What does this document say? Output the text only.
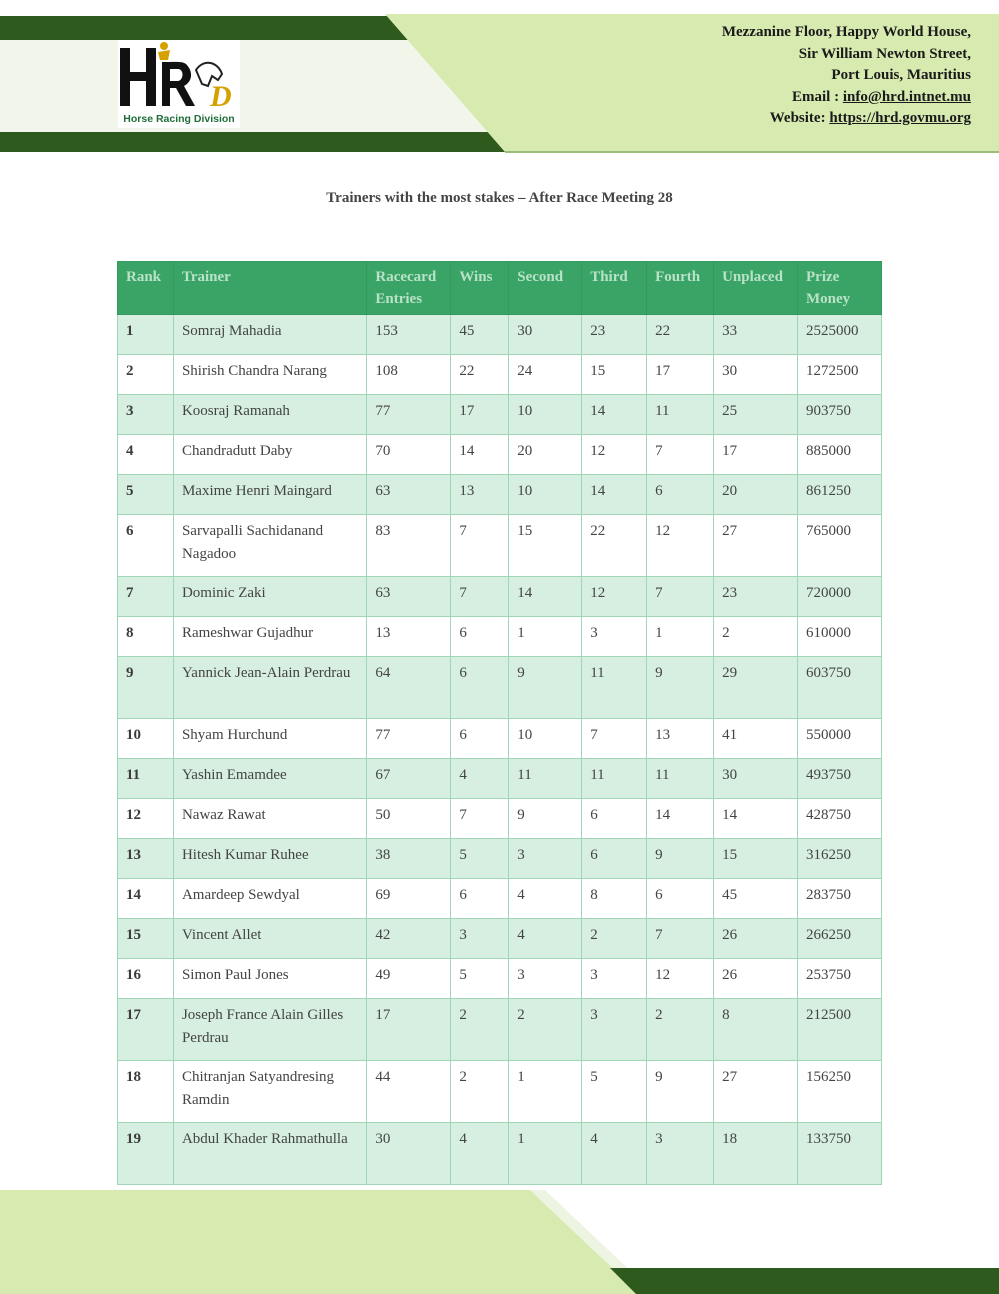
D
Horse Racing Division
Mezzanine Floor, Happy World House,
Sir William Newton Street,
Port Louis, Mauritius
Email : info@hrd.intnet.mu
Website: https://hrd.govmu.org
Trainers with the most stakes – After Race Meeting 28
Rank	Trainer	Racecard Entries	Wins	Second	Third	Fourth	Unplaced	Prize Money
1	Somraj Mahadia	153	45	30	23	22	33	2525000
2	Shirish Chandra Narang	108	22	24	15	17	30	1272500
3	Koosraj Ramanah	77	17	10	14	11	25	903750
4	Chandradutt Daby	70	14	20	12	7	17	885000
5	Maxime Henri Maingard	63	13	10	14	6	20	861250
6	Sarvapalli Sachidanand Nagadoo	83	7	15	22	12	27	765000
7	Dominic Zaki	63	7	14	12	7	23	720000
8	Rameshwar Gujadhur	13	6	1	3	1	2	610000
9	Yannick Jean-Alain Perdrau	64	6	9	11	9	29	603750
10	Shyam Hurchund	77	6	10	7	13	41	550000
11	Yashin Emamdee	67	4	11	11	11	30	493750
12	Nawaz Rawat	50	7	9	6	14	14	428750
13	Hitesh Kumar Ruhee	38	5	3	6	9	15	316250
14	Amardeep Sewdyal	69	6	4	8	6	45	283750
15	Vincent Allet	42	3	4	2	7	26	266250
16	Simon Paul Jones	49	5	3	3	12	26	253750
17	Joseph France Alain Gilles Perdrau	17	2	2	3	2	8	212500
18	Chitranjan Satyandresing Ramdin	44	2	1	5	9	27	156250
19	Abdul Khader Rahmathulla	30	4	1	4	3	18	133750
